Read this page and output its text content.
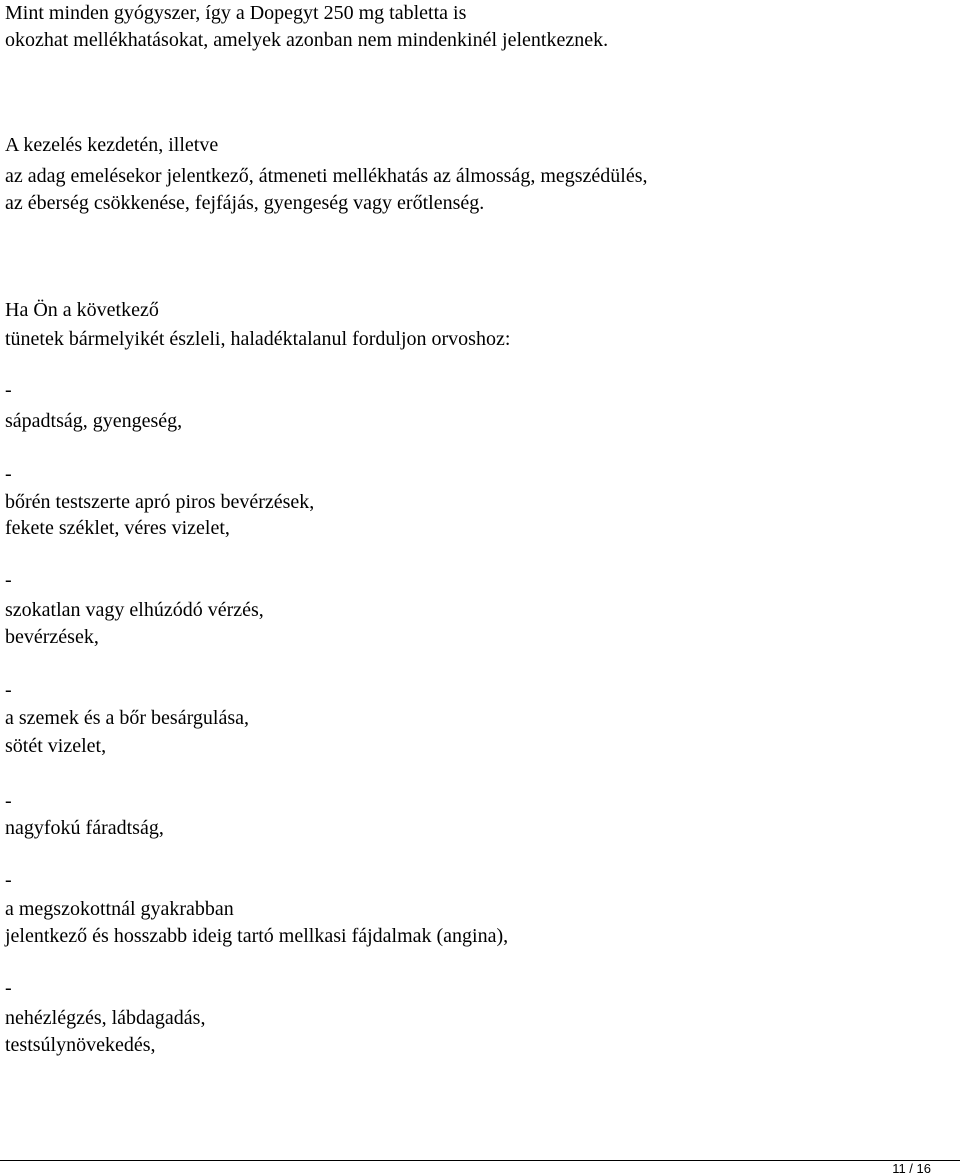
Mint minden gyógyszer, így a Dopegyt 250 mg tabletta is

okozhat mellékhatásokat, amelyek azonban nem mindenkinél jelentkeznek.

A kezelés kezdetén, illetve

az adag emelésekor jelentkező, átmeneti mellékhatás az álmosság, megszédülés,

az éberség csökkenése, fejfájás, gyengeség vagy erőtlenség.

Ha Ön a következő

tünetek bármelyikét észleli, haladéktalanul forduljon orvoshoz:

-

sápadtság, gyengeség,

-

bőrén testszerte apró piros bevérzések,

fekete széklet, véres vizelet,

-

szokatlan vagy elhúzódó vérzés,

bevérzések,

-

a szemek és a bőr besárgulása,

sötét vizelet,

-

nagyfokú fáradtság,

-

a megszokottnál gyakrabban

jelentkező és hosszabb ideig tartó mellkasi fájdalmak (angina),

-

nehézlégzés, lábdagadás,

testsúlynövekedés,

11 / 16
